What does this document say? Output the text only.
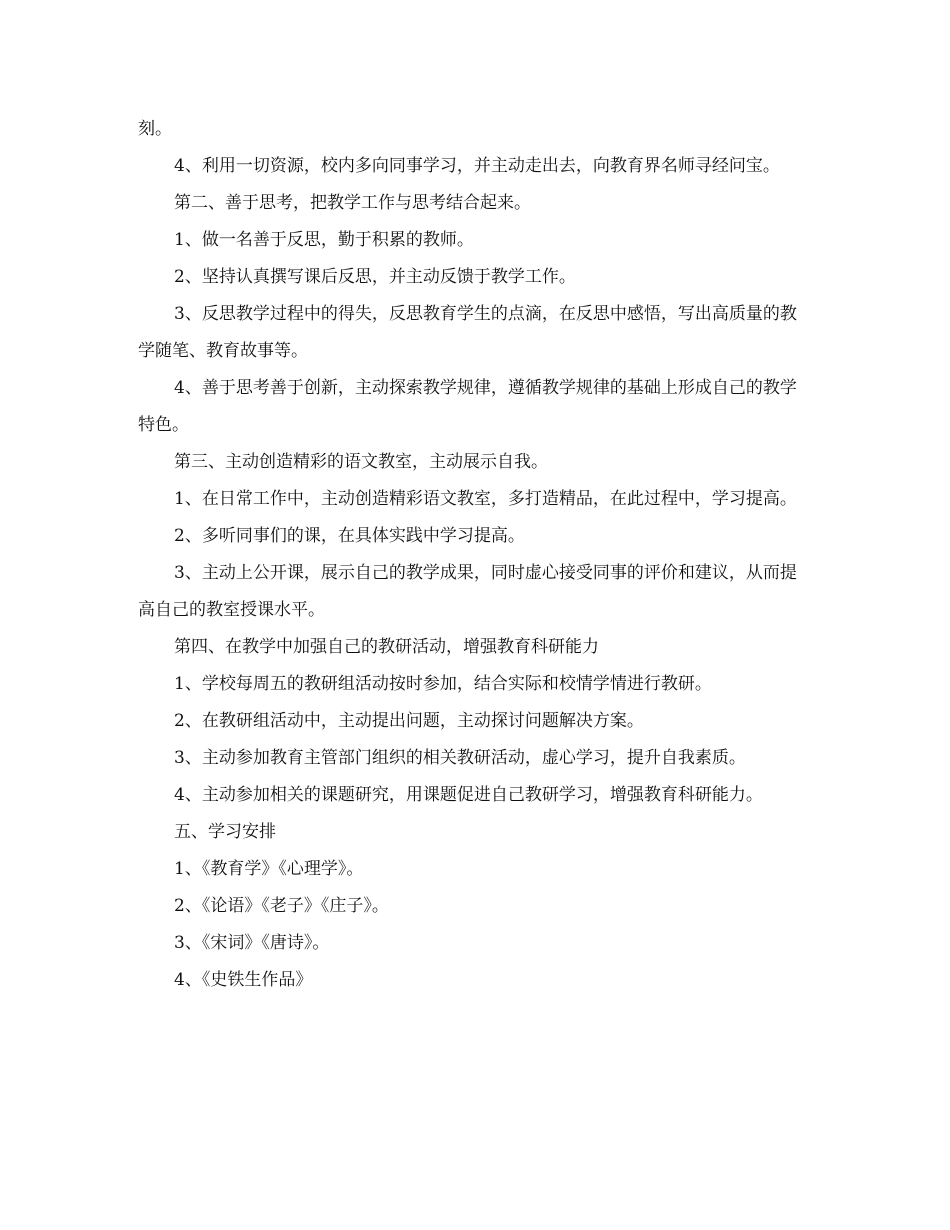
刻。

4、利用一切资源，校内多向同事学习，并主动走出去，向教育界名师寻经问宝。

第二、善于思考，把教学工作与思考结合起来。

1、做一名善于反思，勤于积累的教师。

2、坚持认真撰写课后反思，并主动反馈于教学工作。

3、反思教学过程中的得失，反思教育学生的点滴，在反思中感悟，写出高质量的教学随笔、教育故事等。

4、善于思考善于创新，主动探索教学规律，遵循教学规律的基础上形成自己的教学特色。

第三、主动创造精彩的语文教室，主动展示自我。

1、在日常工作中，主动创造精彩语文教室，多打造精品，在此过程中，学习提高。

2、多听同事们的课，在具体实践中学习提高。

3、主动上公开课，展示自己的教学成果，同时虚心接受同事的评价和建议，从而提高自己的教室授课水平。

第四、在教学中加强自己的教研活动，增强教育科研能力

1、学校每周五的教研组活动按时参加，结合实际和校情学情进行教研。

2、在教研组活动中，主动提出问题，主动探讨问题解决方案。

3、主动参加教育主管部门组织的相关教研活动，虚心学习，提升自我素质。

4、主动参加相关的课题研究，用课题促进自己教研学习，增强教育科研能力。

五、学习安排

1、《教育学》《心理学》。

2、《论语》《老子》《庄子》。

3、《宋词》《唐诗》。

4、《史铁生作品》
